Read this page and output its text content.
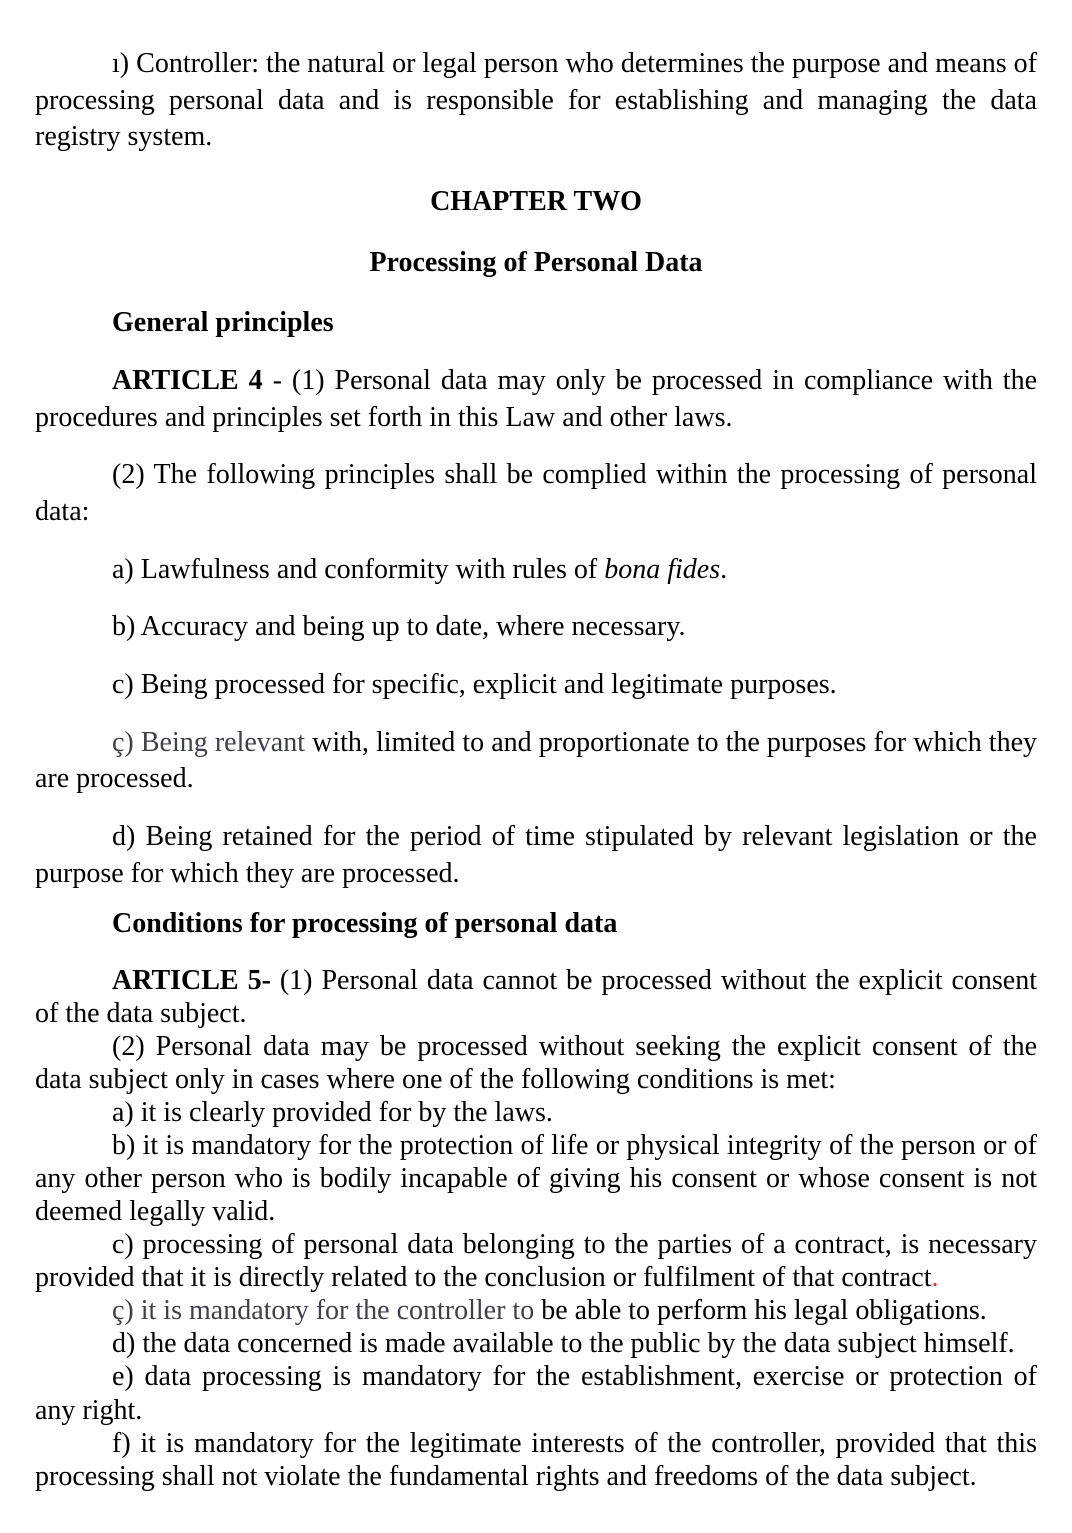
ı) Controller: the natural or legal person who determines the purpose and means of processing personal data and is responsible for establishing and managing the data registry system.

CHAPTER TWO

Processing of Personal Data

General principles

ARTICLE 4 - (1) Personal data may only be processed in compliance with the procedures and principles set forth in this Law and other laws.

(2) The following principles shall be complied within the processing of personal data:

a) Lawfulness and conformity with rules of bona fides.

b) Accuracy and being up to date, where necessary.

c) Being processed for specific, explicit and legitimate purposes.

ç) Being relevant with, limited to and proportionate to the purposes for which they are processed.

d) Being retained for the period of time stipulated by relevant legislation or the purpose for which they are processed.

Conditions for processing of personal data

ARTICLE 5- (1) Personal data cannot be processed without the explicit consent of the data subject.

(2) Personal data may be processed without seeking the explicit consent of the data subject only in cases where one of the following conditions is met:

a) it is clearly provided for by the laws.

b) it is mandatory for the protection of life or physical integrity of the person or of any other person who is bodily incapable of giving his consent or whose consent is not deemed legally valid.

c) processing of personal data belonging to the parties of a contract, is necessary provided that it is directly related to the conclusion or fulfilment of that contract.

ç) it is mandatory for the controller to be able to perform his legal obligations.

d) the data concerned is made available to the public by the data subject himself.

e) data processing is mandatory for the establishment, exercise or protection of any right.

f) it is mandatory for the legitimate interests of the controller, provided that this processing shall not violate the fundamental rights and freedoms of the data subject.
